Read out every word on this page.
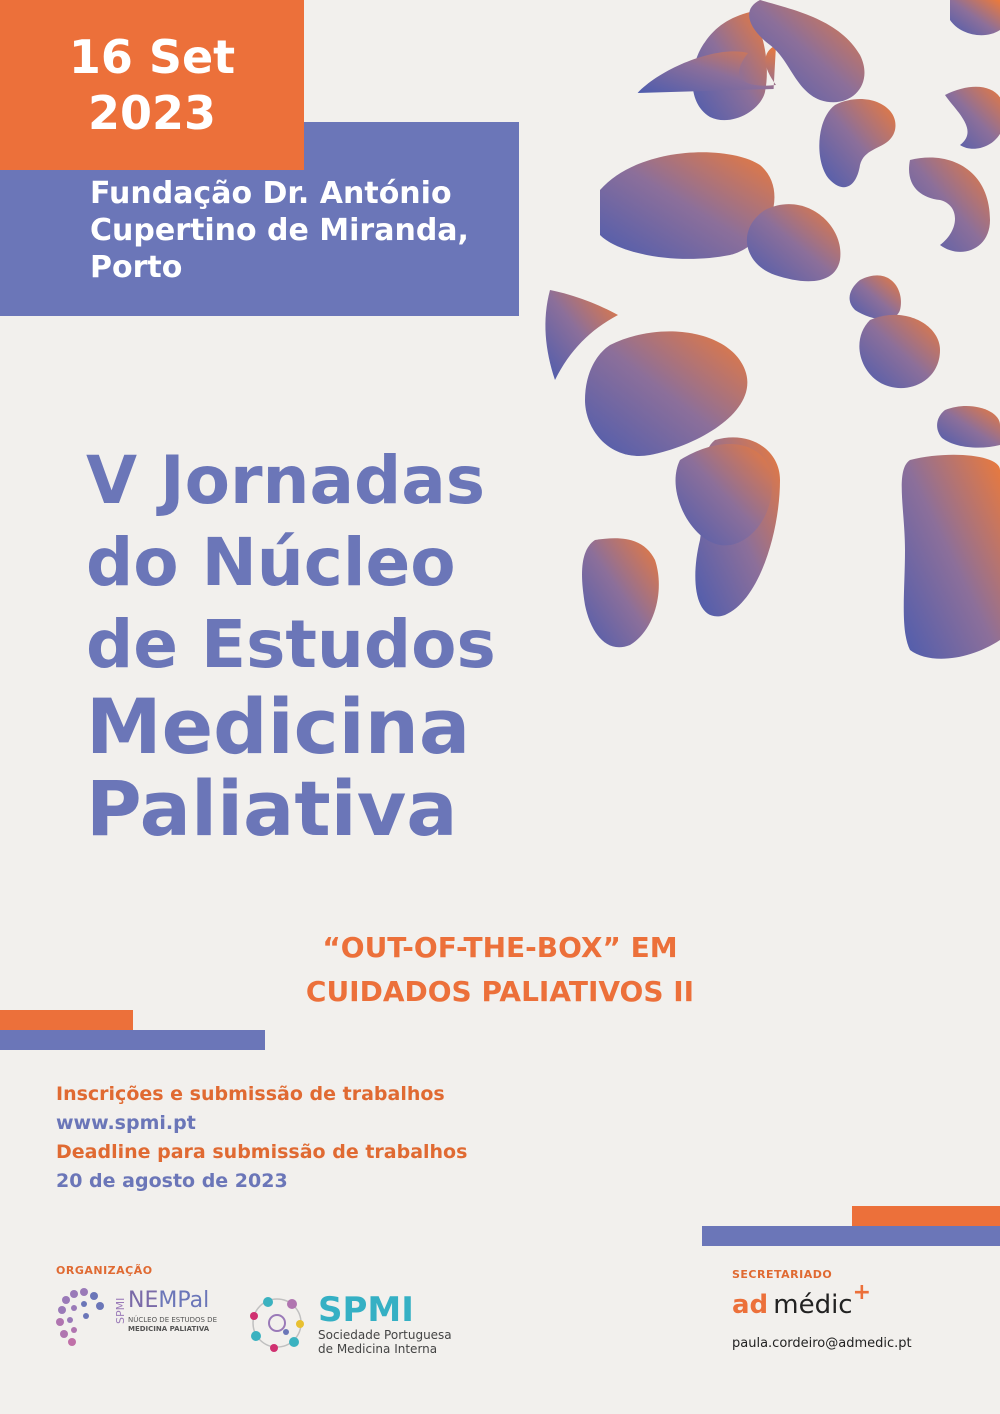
16 Set
2023
Fundação Dr. António
Cupertino de Miranda,
Porto
V Jornadas
do Núcleo
de Estudos
Medicina
Paliativa
“OUT-OF-THE-BOX” EM
CUIDADOS PALIATIVOS II
Inscrições e submissão de trabalhos
www.spmi.pt
Deadline para submissão de trabalhos
20 de agosto de 2023
ORGANIZAÇÃO
SPMI NEMPal
NÚCLEO DE ESTUDOS DE
MEDICINA PALIATIVA	SPMI
Sociedade Portuguesa
de Medicina Interna
SECRETARIADO
ad médic+
paula.cordeiro@admedic.pt
